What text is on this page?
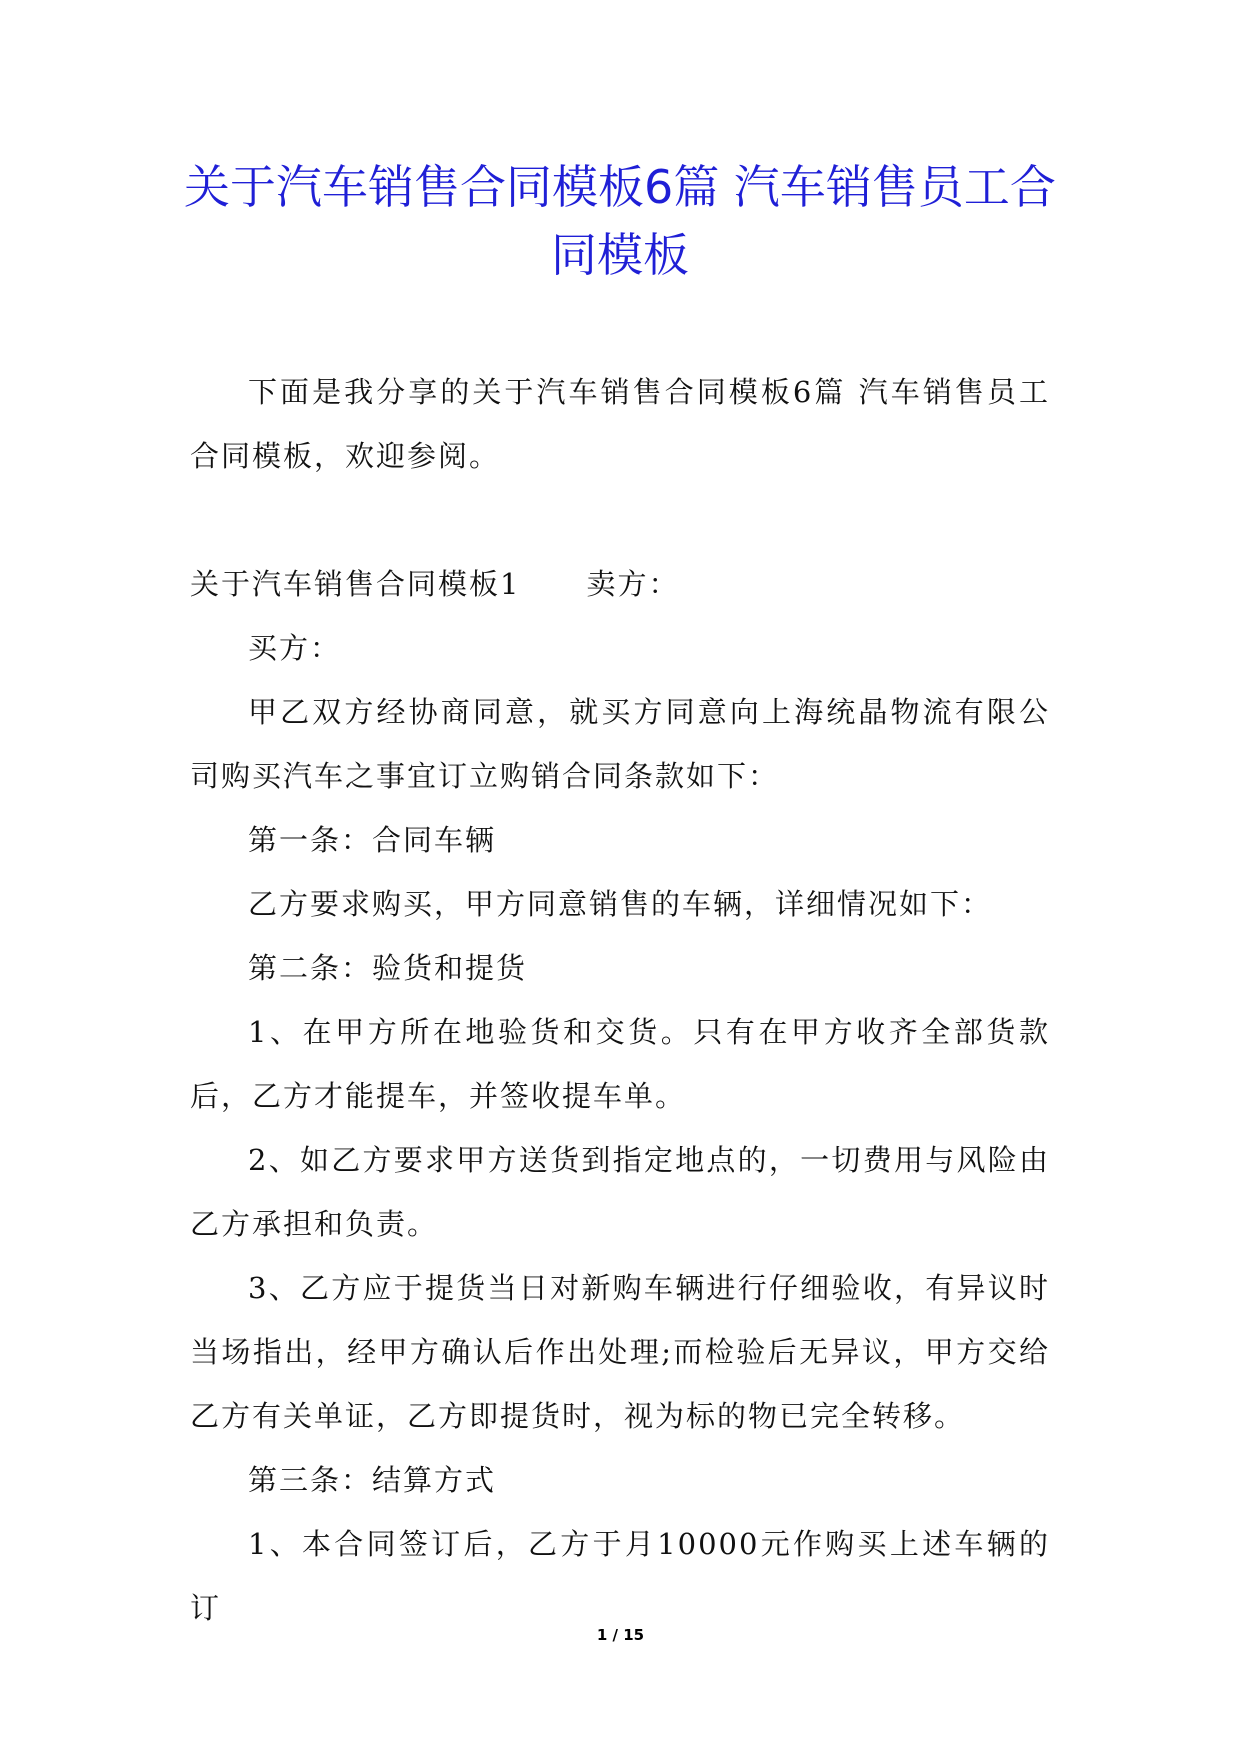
关于汽车销售合同模板6篇 汽车销售员工合同模板

下面是我分享的关于汽车销售合同模板6篇 汽车销售员工合同模板，欢迎参阅。

关于汽车销售合同模板1 卖方：

买方：

甲乙双方经协商同意，就买方同意向上海统晶物流有限公司购买汽车之事宜订立购销合同条款如下：

第一条：合同车辆

乙方要求购买，甲方同意销售的车辆，详细情况如下：

第二条：验货和提货

1、在甲方所在地验货和交货。只有在甲方收齐全部货款后，乙方才能提车，并签收提车单。

2、如乙方要求甲方送货到指定地点的，一切费用与风险由乙方承担和负责。

3、乙方应于提货当日对新购车辆进行仔细验收，有异议时当场指出，经甲方确认后作出处理;而检验后无异议，甲方交给乙方有关单证，乙方即提货时，视为标的物已完全转移。

第三条：结算方式

1、本合同签订后，乙方于月10000元作购买上述车辆的订

1 / 15
